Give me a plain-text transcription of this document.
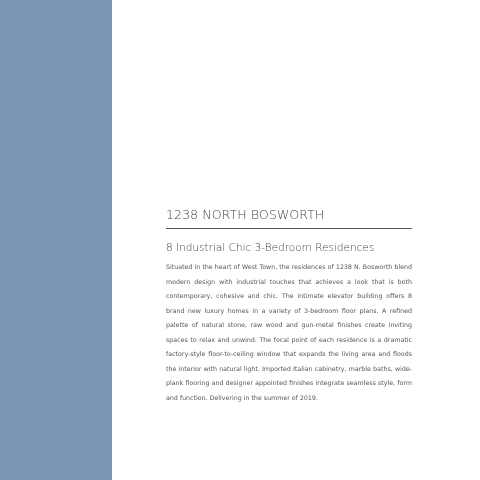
1238 NORTH BOSWORTH
8 Industrial Chic 3-Bedroom Residences

Situated in the heart of West Town, the residences of 1238 N. Bosworth blend modern design with industrial touches that achieves a look that is both contemporary, cohesive and chic. The intimate elevator building offers 8 brand new luxury homes in a variety of 3-bedroom floor plans. A refined palette of natural stone, raw wood and gun-metal finishes create inviting spaces to relax and unwind. The focal point of each residence is a dramatic factory-style floor-to-ceiling window that expands the living area and floods the interior with natural light. Imported Italian cabinetry, marble baths, wide-plank flooring and designer appointed finishes integrate seamless style, form and function. Delivering in the summer of 2019.
